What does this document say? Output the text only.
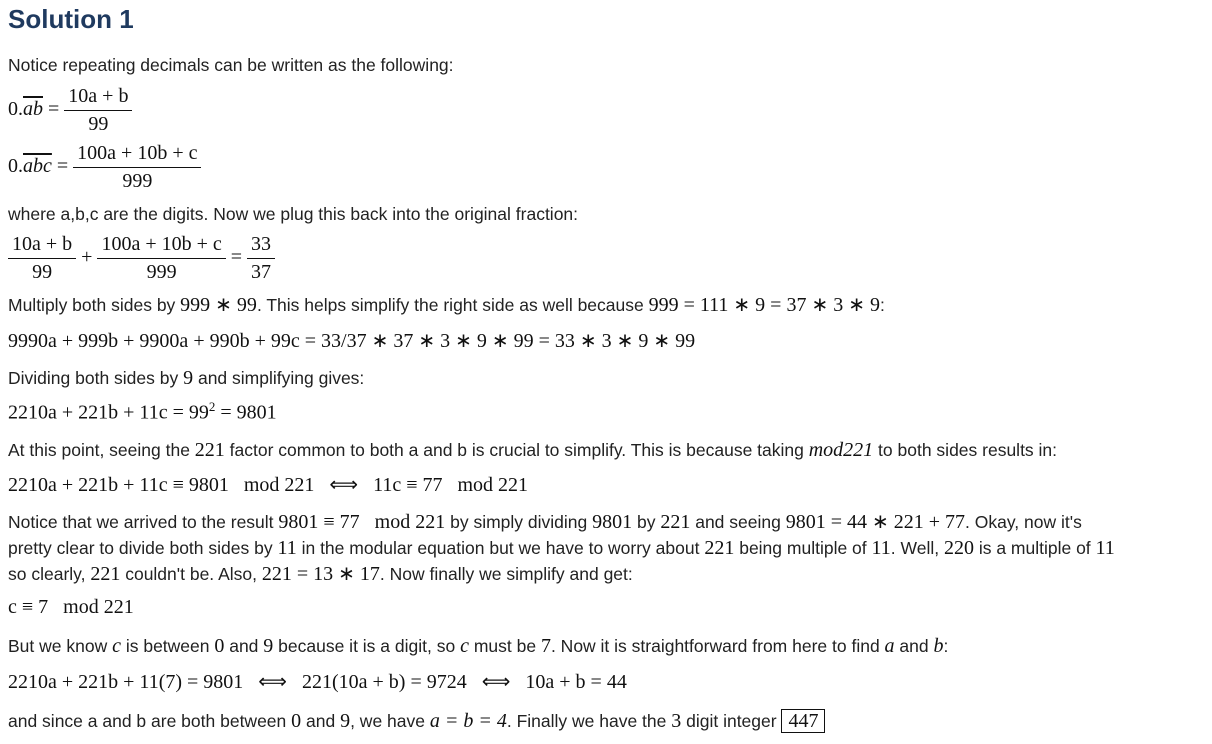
Solution 1
Notice repeating decimals can be written as the following:
$0.\overline{ab} = \frac{10a + b}{99}$
$0.\overline{abc} = \frac{100a + 10b + c}{999}$
where a,b,c are the digits. Now we plug this back into the original fraction:
$\frac{10a + b}{99} + \frac{100a + 10b + c}{999} = \frac{33}{37}$
Multiply both sides by 999 ∗ 99. This helps simplify the right side as well because 999 = 111 ∗ 9 = 37 ∗ 3 ∗ 9:
9990a + 999b + 9900a + 990b + 99c = 33/37 ∗ 37 ∗ 3 ∗ 9 ∗ 99 = 33 ∗ 3 ∗ 9 ∗ 99
Dividing both sides by 9 and simplifying gives:
$2210a + 221b + 11c = 99^2 = 9801$
At this point, seeing the 221 factor common to both a and b is crucial to simplify. This is because taking mod221 to both sides results in:
2210a + 221b + 11c ≡ 9801   mod 221   ⟺   11c ≡ 77   mod 221
Notice that we arrived to the result 9801 ≡ 77   mod 221 by simply dividing 9801 by 221 and seeing 9801 = 44 ∗ 221 + 77. Okay, now it's
pretty clear to divide both sides by 11 in the modular equation but we have to worry about 221 being multiple of 11. Well, 220 is a multiple of 11
so clearly, 221 couldn't be. Also, 221 = 13 ∗ 17. Now finally we simplify and get:
c ≡ 7   mod 221
But we know c is between 0 and 9 because it is a digit, so c must be 7. Now it is straightforward from here to find a and b:
2210a + 221b + 11(7) = 9801   ⟺   221(10a + b) = 9724   ⟺   10a + b = 44
and since a and b are both between 0 and 9, we have a = b = 4. Finally we have the 3 digit integer 447
